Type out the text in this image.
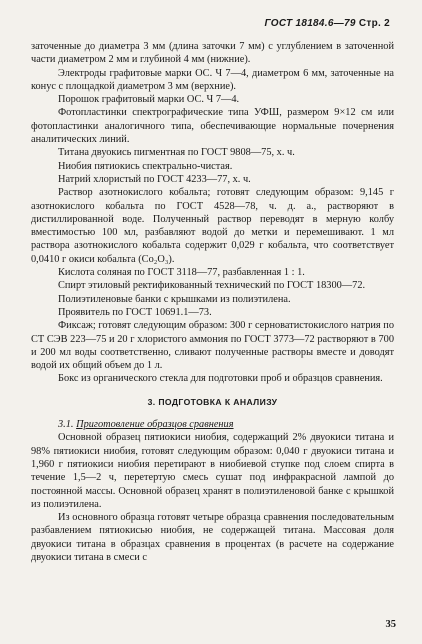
ГОСТ 18184.6—79 Стр. 2

заточенные до диаметра 3 мм (длина заточки 7 мм) с углублением в заточенной части диаметром 2 мм и глубиной 4 мм (нижние).

Электроды графитовые марки ОС. Ч 7—4, диаметром 6 мм, заточенные на конус с площадкой диаметром 3 мм (верхние).

Порошок графитовый марки ОС. Ч 7—4.

Фотопластинки спектрографические типа УФШ, размером 9×12 см или фотопластинки аналогичного типа, обеспечивающие нормальные почернения аналитических линий.

Титана двуокись пигментная по ГОСТ 9808—75, х. ч.

Ниобия пятиокись спектрально-чистая.

Натрий хлористый по ГОСТ 4233—77, х. ч.

Раствор азотнокислого кобальта; готовят следующим образом: 9,145 г азотнокислого кобальта по ГОСТ 4528—78, ч. д. а., растворяют в дистиллированной воде. Полученный раствор переводят в мерную колбу вместимостью 100 мл, разбавляют водой до метки и перемешивают. 1 мл раствора азотнокислого кобальта содержит 0,029 г кобальта, что соответствует 0,0410 г окиси кобальта (Co₂O₃).

Кислота соляная по ГОСТ 3118—77, разбавленная 1 : 1.

Спирт этиловый ректификованный технический по ГОСТ 18300—72.

Полиэтиленовые банки с крышками из полиэтилена.

Проявитель по ГОСТ 10691.1—73.

Фиксаж; готовят следующим образом: 300 г серноватистокислого натрия по СТ СЭВ 223—75 и 20 г хлористого аммония по ГОСТ 3773—72 растворяют в 700 и 200 мл воды соответственно, сливают полученные растворы вместе и доводят водой их общий объем до 1 л.

Бокс из органического стекла для подготовки проб и образцов сравнения.

3. ПОДГОТОВКА К АНАЛИЗУ

3.1. Приготовление образцов сравнения

Основной образец пятиокиси ниобия, содержащий 2% двуокиси титана и 98% пятиокиси ниобия, готовят следующим образом: 0,040 г двуокиси титана и 1,960 г пятиокиси ниобия перетирают в ниобиевой ступке под слоем спирта в течение 1,5—2 ч, перетертую смесь сушат под инфракрасной лампой до постоянной массы. Основной образец хранят в полиэтиленовой банке с крышкой из полиэтилена.

Из основного образца готовят четыре образца сравнения последовательным разбавлением пятиокисью ниобия, не содержащей титана. Массовая доля двуокиси титана в образцах сравнения в процентах (в расчете на содержание двуокиси титана в смеси с

35
